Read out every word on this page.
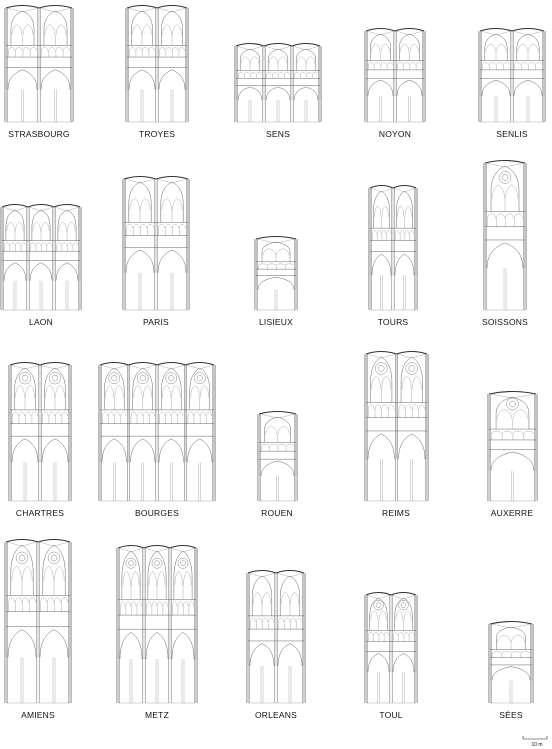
STRASBOURG	TROYES	SENS	NOYON	SENLIS
LAON	PARIS	LISIEUX	TOURS	SOISSONS
CHARTRES	BOURGES	ROUEN	REIMS	AUXERRE
AMIENS	METZ	ORLEANS	TOUL	SÉES
10 m
